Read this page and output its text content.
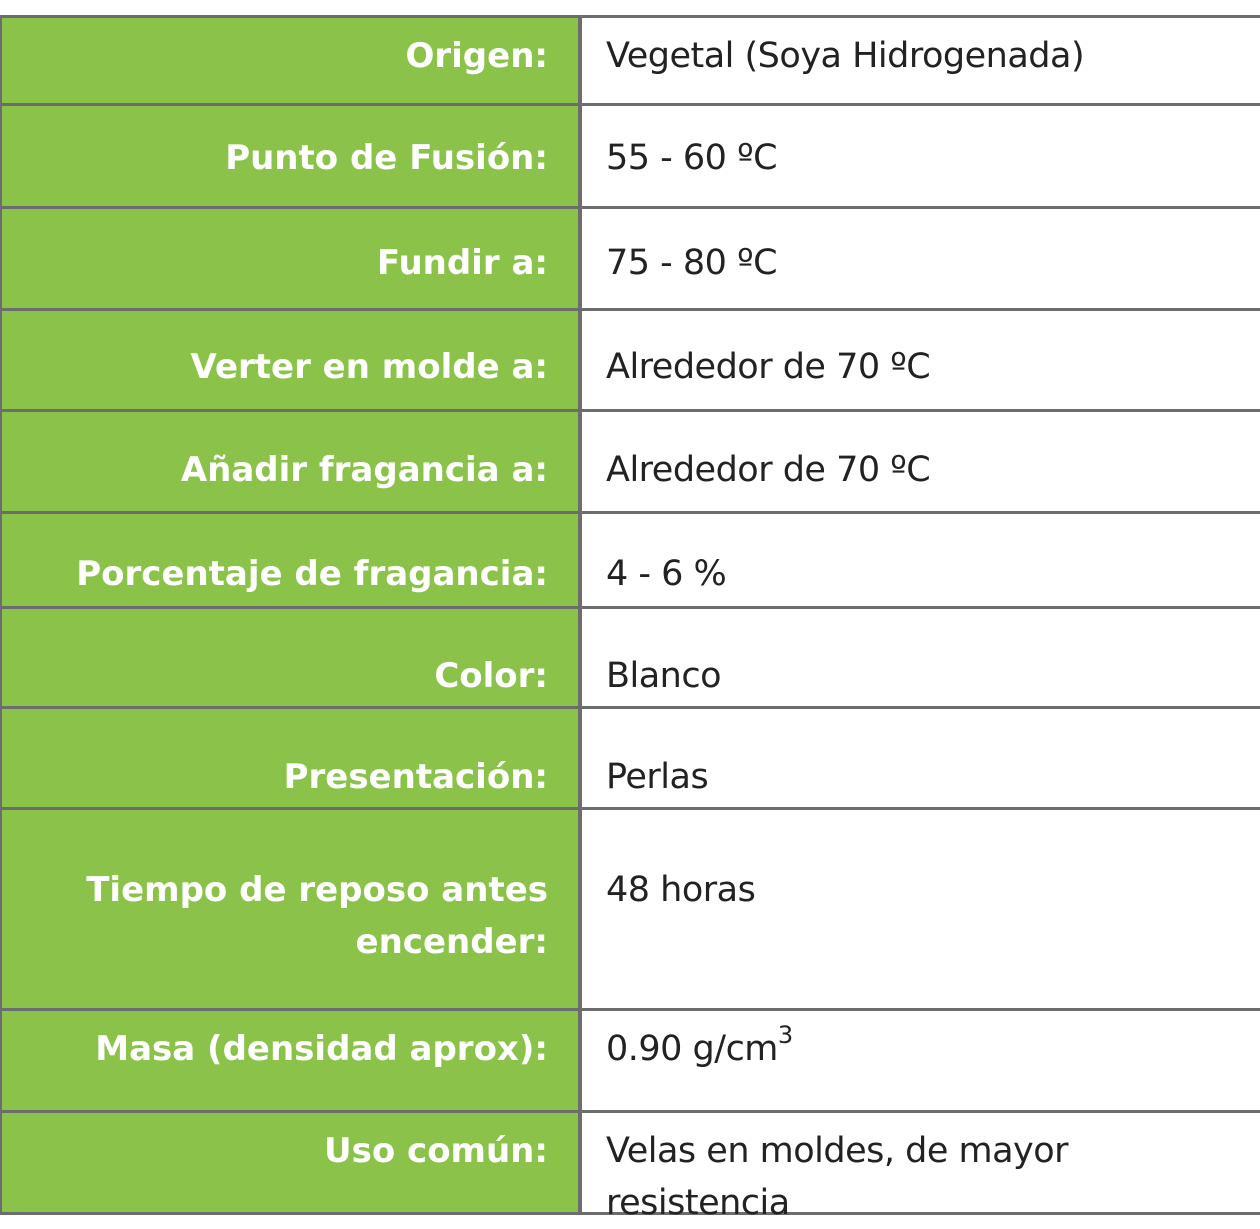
Origen: Vegetal (Soya Hidrogenada)
Punto de Fusión: 55 - 60 ºC
Fundir a: 75 - 80 ºC
Verter en molde a: Alrededor de 70 ºC
Añadir fragancia a: Alrededor de 70 ºC
Porcentaje de fragancia: 4 - 6 %
Color: Blanco
Presentación: Perlas
Tiempo de reposo antes encender:
48 horas
Masa (densidad aprox): 0.90 $g/cm^3$
Uso común: Velas en moldes, de mayor resistencia
